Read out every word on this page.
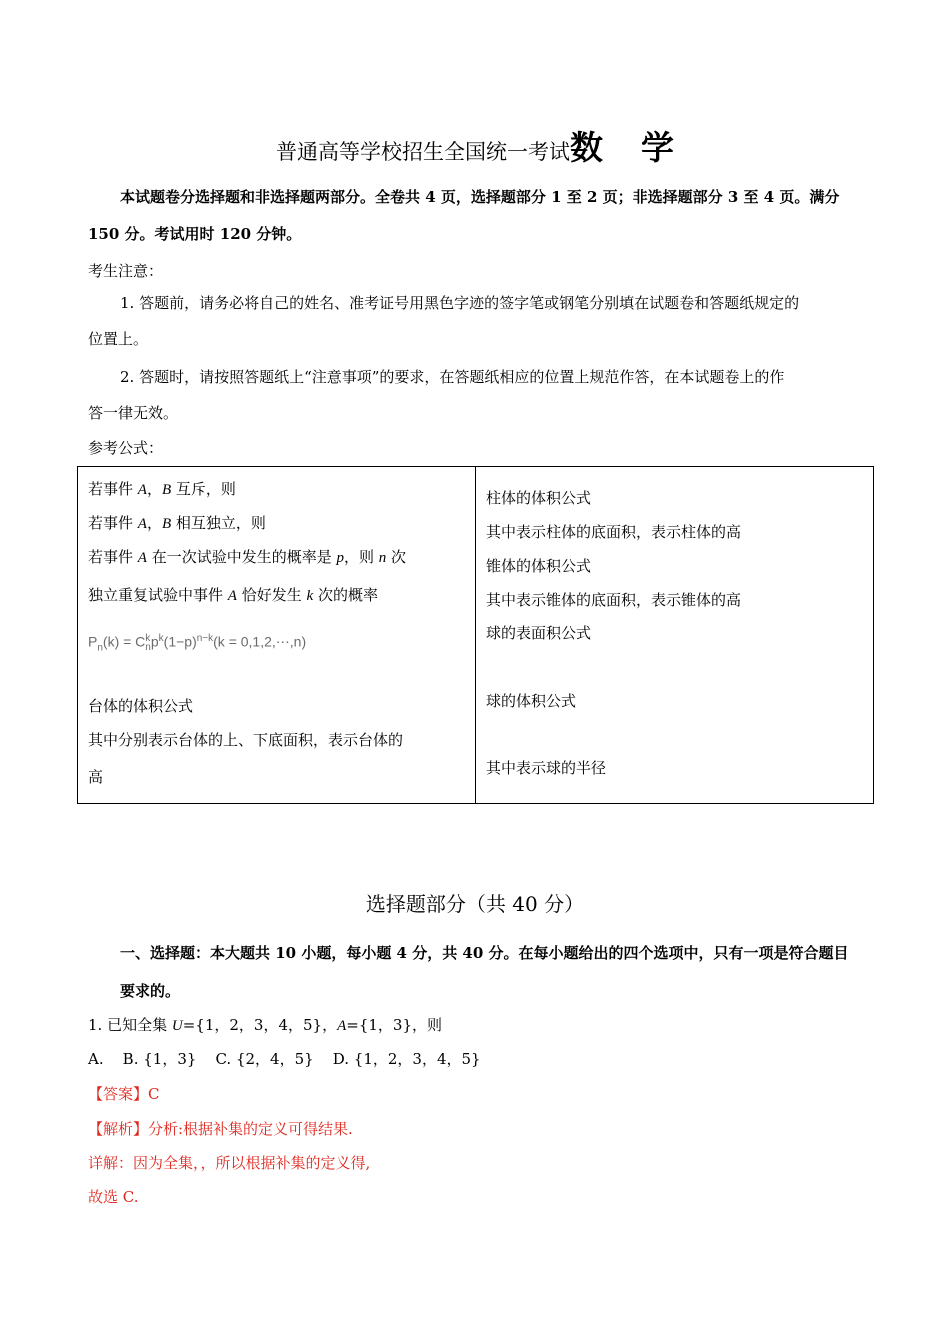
普通高等学校招生全国统一考试数 学
本试题卷分选择题和非选择题两部分。全卷共 4 页，选择题部分 1 至 2 页；非选择题部分 3 至 4 页。满分
150 分。考试用时 120 分钟。
考生注意：
1. 答题前，请务必将自己的姓名、准考证号用黑色字迹的签字笔或钢笔分别填在试题卷和答题纸规定的
位置上。
2. 答题时，请按照答题纸上“注意事项”的要求，在答题纸相应的位置上规范作答，在本试题卷上的作
答一律无效。
参考公式：
若事件 A，B 互斥，则
若事件 A，B 相互独立，则
若事件 A 在一次试验中发生的概率是 p，则 n 次
独立重复试验中事件 A 恰好发生 k 次的概率
$P_n(k) = Ck$
$np^k(1-p)^{n-k}(k$ = 0,1,2,⋯,n)
台体的体积公式
其中分别表示台体的上、下底面积，表示台体的
高

柱体的体积公式
其中表示柱体的底面积，表示柱体的高
锥体的体积公式
其中表示锥体的底面积，表示锥体的高
球的表面积公式
球的体积公式
其中表示球的半径
选择题部分（共 40 分）
一、选择题：本大题共 10 小题，每小题 4 分，共 40 分。在每小题给出的四个选项中，只有一项是符合题目
要求的。
1. 已知全集 U={1，2，3，4，5}，A={1，3}，则
A.    B. {1，3}    C. {2，4，5}    D. {1，2，3，4，5}
【答案】C
【解析】分析:根据补集的定义可得结果.
详解：因为全集，，所以根据补集的定义得,
故选 C.
